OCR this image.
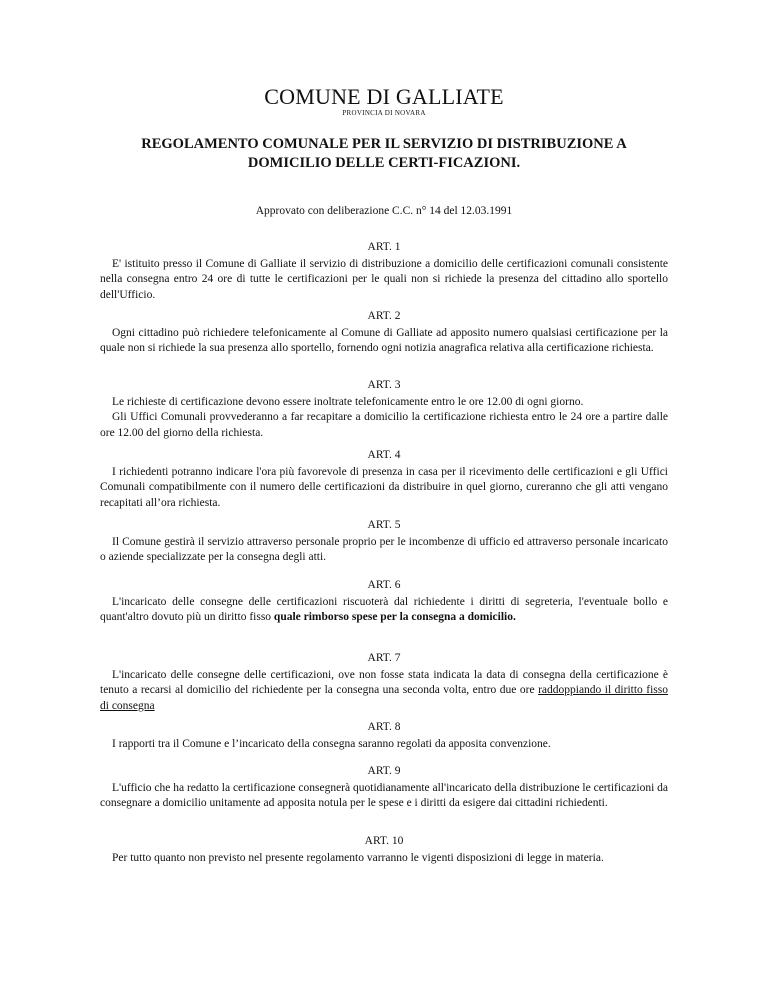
COMUNE DI GALLIATE
PROVINCIA DI NOVARA
REGOLAMENTO COMUNALE PER IL SERVIZIO DI DISTRIBUZIONE A
DOMICILIO DELLE CERTI-FICAZIONI.
Approvato con deliberazione C.C. n° 14 del 12.03.1991
ART. 1

E' istituito presso il Comune di Galliate il servizio di distribuzione a domicilio delle certificazioni comunali consistente nella consegna entro 24 ore di tutte le certificazioni per le quali non si richiede la presenza del cittadino allo sportello dell'Ufficio.

ART. 2

Ogni cittadino può richiedere telefonicamente al Comune di Galliate ad apposito numero qualsiasi certificazione per la quale non si richiede la sua presenza allo sportello, fornendo ogni notizia anagrafica relativa alla certificazione richiesta.

ART. 3

Le richieste di certificazione devono essere inoltrate telefonicamente entro le ore 12.00 di ogni giorno.

Gli Uffici Comunali provvederanno a far recapitare a domicilio la certificazione richiesta entro le 24 ore a partire dalle ore 12.00 del giorno della richiesta.

ART. 4

I richiedenti potranno indicare l'ora più favorevole di presenza in casa per il ricevimento delle certificazioni e gli Uffici Comunali compatibilmente con il numero delle certificazioni da distribuire in quel giorno, cureranno che gli atti vengano recapitati all’ora richiesta.

ART. 5

Il Comune gestirà il servizio attraverso personale proprio per le incombenze di ufficio ed attraverso personale incaricato o aziende specializzate per la consegna degli atti.

ART. 6

L'incaricato delle consegne delle certificazioni riscuoterà dal richiedente i diritti di segreteria, l'eventuale bollo e quant'altro dovuto più un diritto fisso quale rimborso spese per la consegna a domicilio.

ART. 7

L'incaricato delle consegne delle certificazioni, ove non fosse stata indicata la data di consegna della certificazione è tenuto a recarsi al domicilio del richiedente per la consegna una seconda volta, entro due ore raddoppiando il diritto fisso di consegna

ART. 8

I rapporti tra il Comune e l’incaricato della consegna saranno regolati da apposita convenzione.

ART. 9

L'ufficio che ha redatto la certificazione consegnerà quotidianamente all'incaricato della distribuzione le certificazioni da consegnare a domicilio unitamente ad apposita notula per le spese e i diritti da esigere dai cittadini richiedenti.

ART. 10

Per tutto quanto non previsto nel presente regolamento varranno le vigenti disposizioni di legge in materia.
